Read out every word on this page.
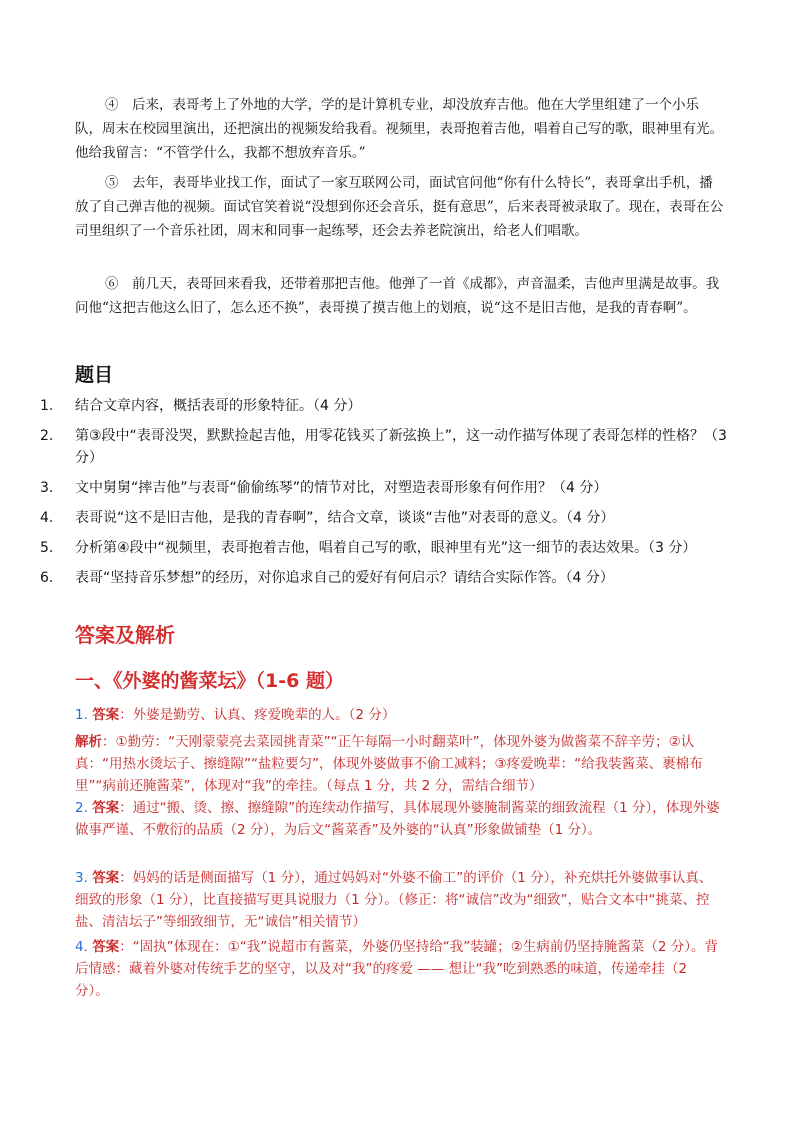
④　后来，表哥考上了外地的大学，学的是计算机专业，却没放弃吉他。他在大学里组建了一个小乐队，周末在校园里演出，还把演出的视频发给我看。视频里，表哥抱着吉他，唱着自己写的歌，眼神里有光。他给我留言：“不管学什么，我都不想放弃音乐。”

⑤　去年，表哥毕业找工作，面试了一家互联网公司，面试官问他“你有什么特长”，表哥拿出手机，播放了自己弹吉他的视频。面试官笑着说“没想到你还会音乐，挺有意思”，后来表哥被录取了。现在，表哥在公司里组织了一个音乐社团，周末和同事一起练琴，还会去养老院演出，给老人们唱歌。

⑥　前几天，表哥回来看我，还带着那把吉他。他弹了一首《成都》，声音温柔，吉他声里满是故事。我问他“这把吉他这么旧了，怎么还不换”，表哥摸了摸吉他上的划痕，说“这不是旧吉他，是我的青春啊”。

题目
1.	结合文章内容，概括表哥的形象特征。（4 分）
2.	第③段中“表哥没哭，默默捡起吉他，用零花钱买了新弦换上”，这一动作描写体现了表哥怎样的性格？（3 分）
3.	文中舅舅“摔吉他”与表哥“偷偷练琴”的情节对比，对塑造表哥形象有何作用？（4 分）
4.	表哥说“这不是旧吉他，是我的青春啊”，结合文章，谈谈“吉他”对表哥的意义。（4 分）
5.	分析第④段中“视频里，表哥抱着吉他，唱着自己写的歌，眼神里有光”这一细节的表达效果。（3 分）
6.	表哥“坚持音乐梦想”的经历，对你追求自己的爱好有何启示？请结合实际作答。（4 分）
答案及解析
一、《外婆的酱菜坛》（1-6 题）

1. 答案：外婆是勤劳、认真、疼爱晚辈的人。（2 分）

解析：①勤劳：“天刚蒙蒙亮去菜园挑青菜”“正午每隔一小时翻菜叶”，体现外婆为做酱菜不辞辛劳；②认真：“用热水烫坛子、擦缝隙”“盐粒要匀”，体现外婆做事不偷工减料；③疼爱晚辈：“给我装酱菜、裹棉布里”“病前还腌酱菜”，体现对“我”的牵挂。（每点 1 分，共 2 分，需结合细节）

2. 答案：通过“搬、烫、擦、擦缝隙”的连续动作描写，具体展现外婆腌制酱菜的细致流程（1 分），体现外婆做事严谨、不敷衍的品质（2 分），为后文“酱菜香”及外婆的“认真”形象做铺垫（1 分）。

3. 答案：妈妈的话是侧面描写（1 分），通过妈妈对“外婆不偷工”的评价（1 分），补充烘托外婆做事认真、细致的形象（1 分），比直接描写更具说服力（1 分）。（修正：将“诚信”改为“细致”，贴合文本中“挑菜、控盐、清洁坛子”等细致细节，无“诚信”相关情节）

4. 答案：“固执”体现在：①“我”说超市有酱菜，外婆仍坚持给“我”装罐；②生病前仍坚持腌酱菜（2 分）。背后情感：藏着外婆对传统手艺的坚守，以及对“我”的疼爱 —— 想让“我”吃到熟悉的味道，传递牵挂（2 分）。
